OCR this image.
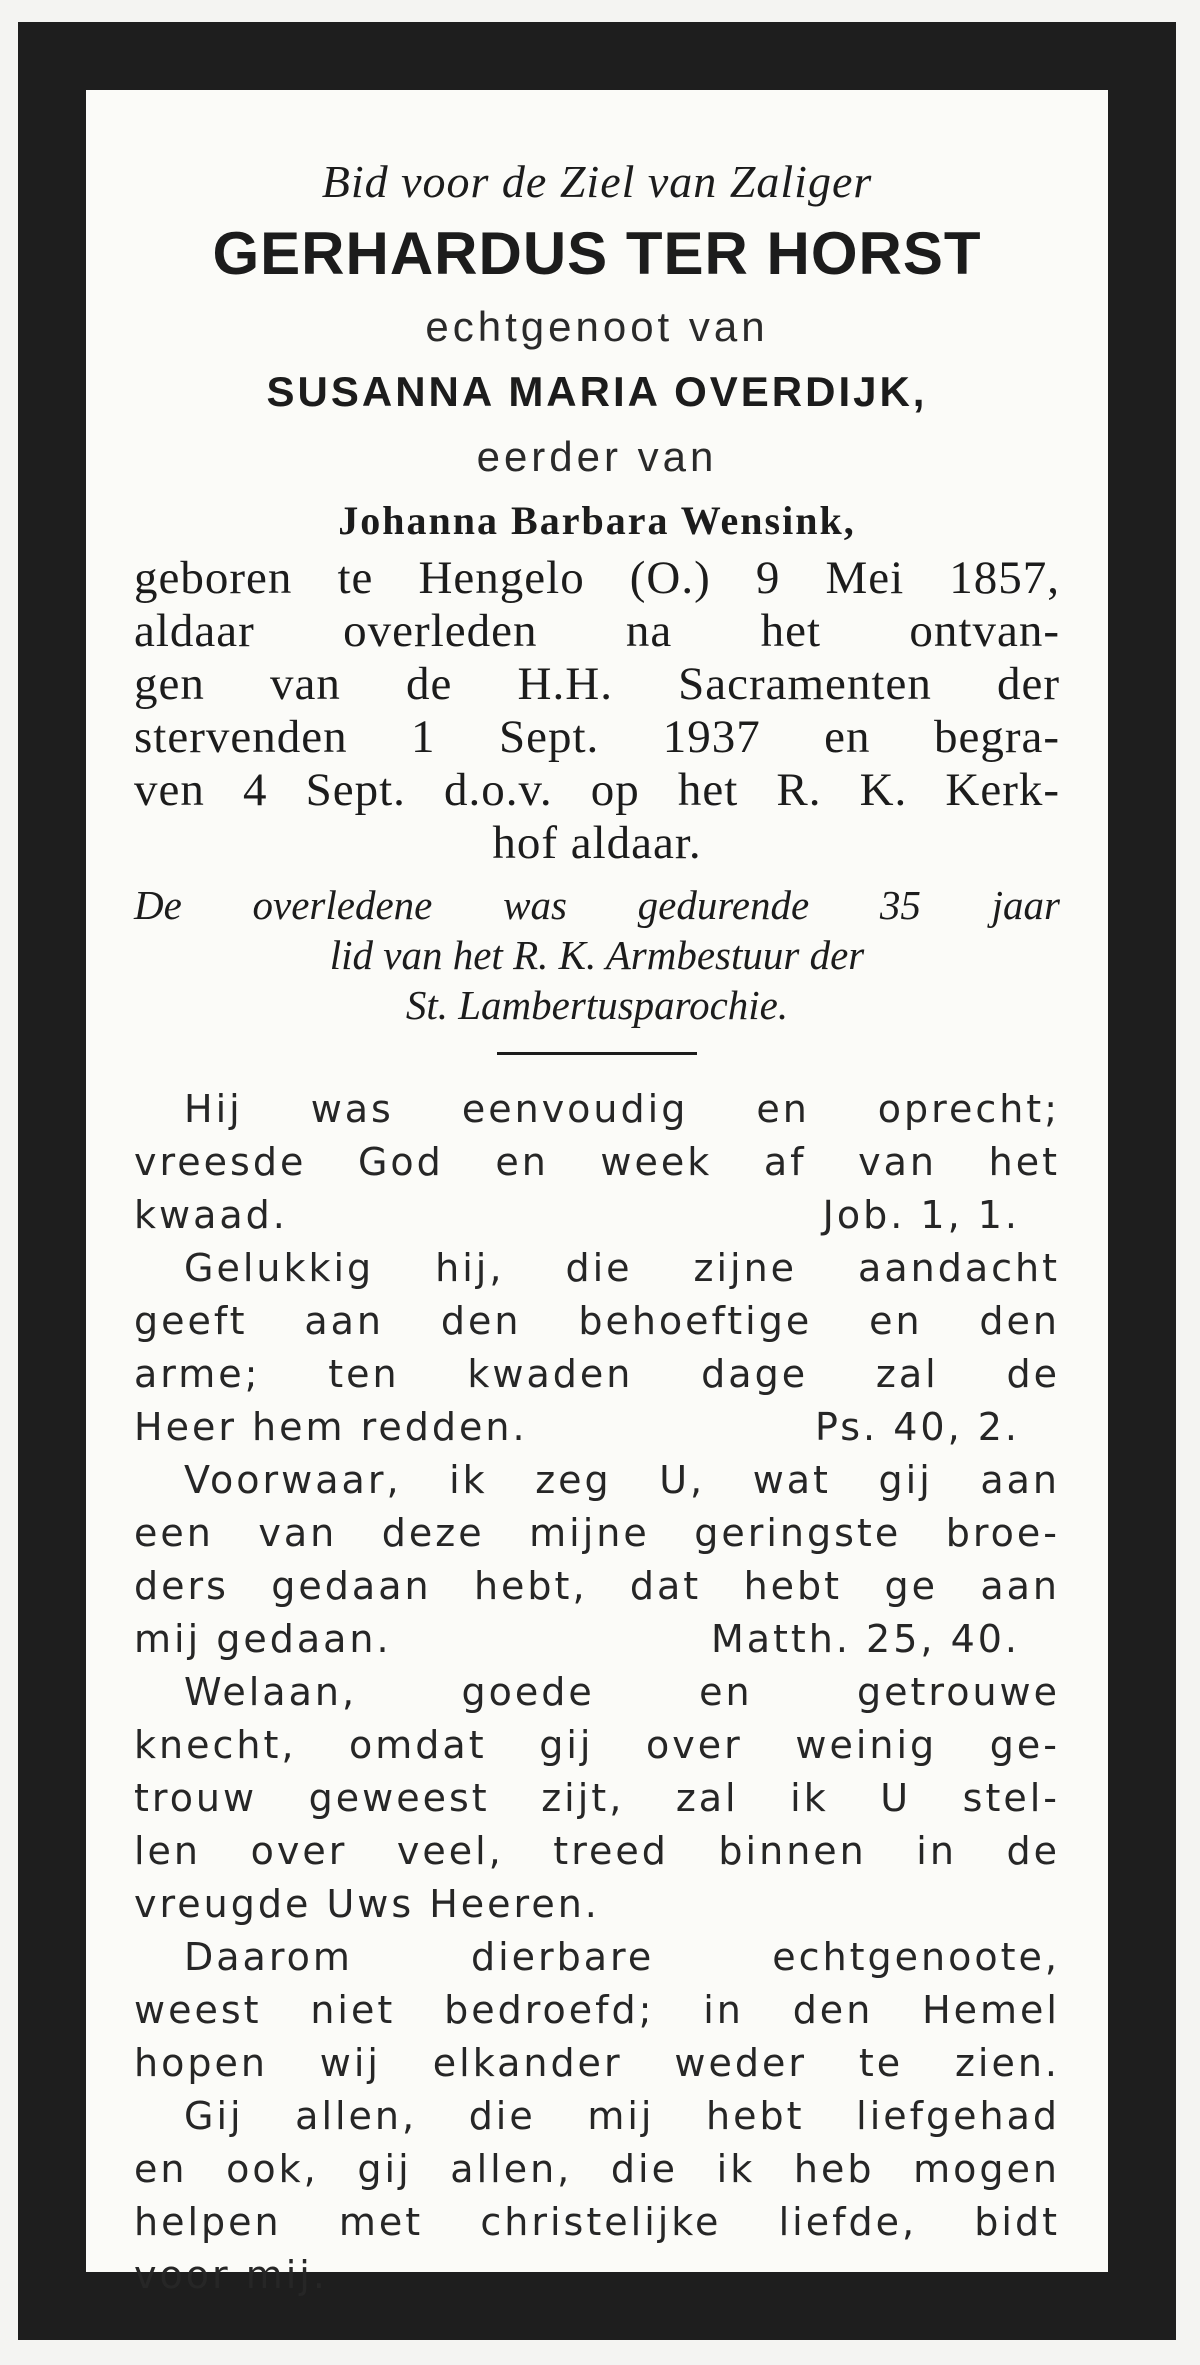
Bid voor de Ziel van Zaliger
GERHARDUS TER HORST
echtgenoot van
SUSANNA MARIA OVERDIJK,
eerder van
Johanna Barbara Wensink,
geboren te Hengelo (O.) 9 Mei 1857,
aldaar overleden na het ontvan-
gen van de H.H. Sacramenten der
stervenden 1 Sept. 1937 en begra-
ven 4 Sept. d.o.v. op het R. K. Kerk-
hof aldaar.
De overledene was gedurende 35 jaar
lid van het R. K. Armbestuur der
St. Lambertusparochie.
Hij was eenvoudig en oprecht;
vreesde God en week af van het
kwaad.	Job. 1, 1.
Gelukkig hij, die zijne aandacht
geeft aan den behoeftige en den
arme; ten kwaden dage zal de
Heer hem redden.	Ps. 40, 2.
Voorwaar, ik zeg U, wat gij aan
een van deze mijne geringste broe-
ders gedaan hebt, dat hebt ge aan
mij gedaan.	Matth. 25, 40.
Welaan, goede en getrouwe
knecht, omdat gij over weinig ge-
trouw geweest zijt, zal ik U stel-
len over veel, treed binnen in de
vreugde Uws Heeren.
Daarom dierbare echtgenoote,
weest niet bedroefd; in den Hemel
hopen wij elkander weder te zien.
Gij allen, die mij hebt liefgehad
en ook, gij allen, die ik heb mogen
helpen met christelijke liefde, bidt
voor mij.
